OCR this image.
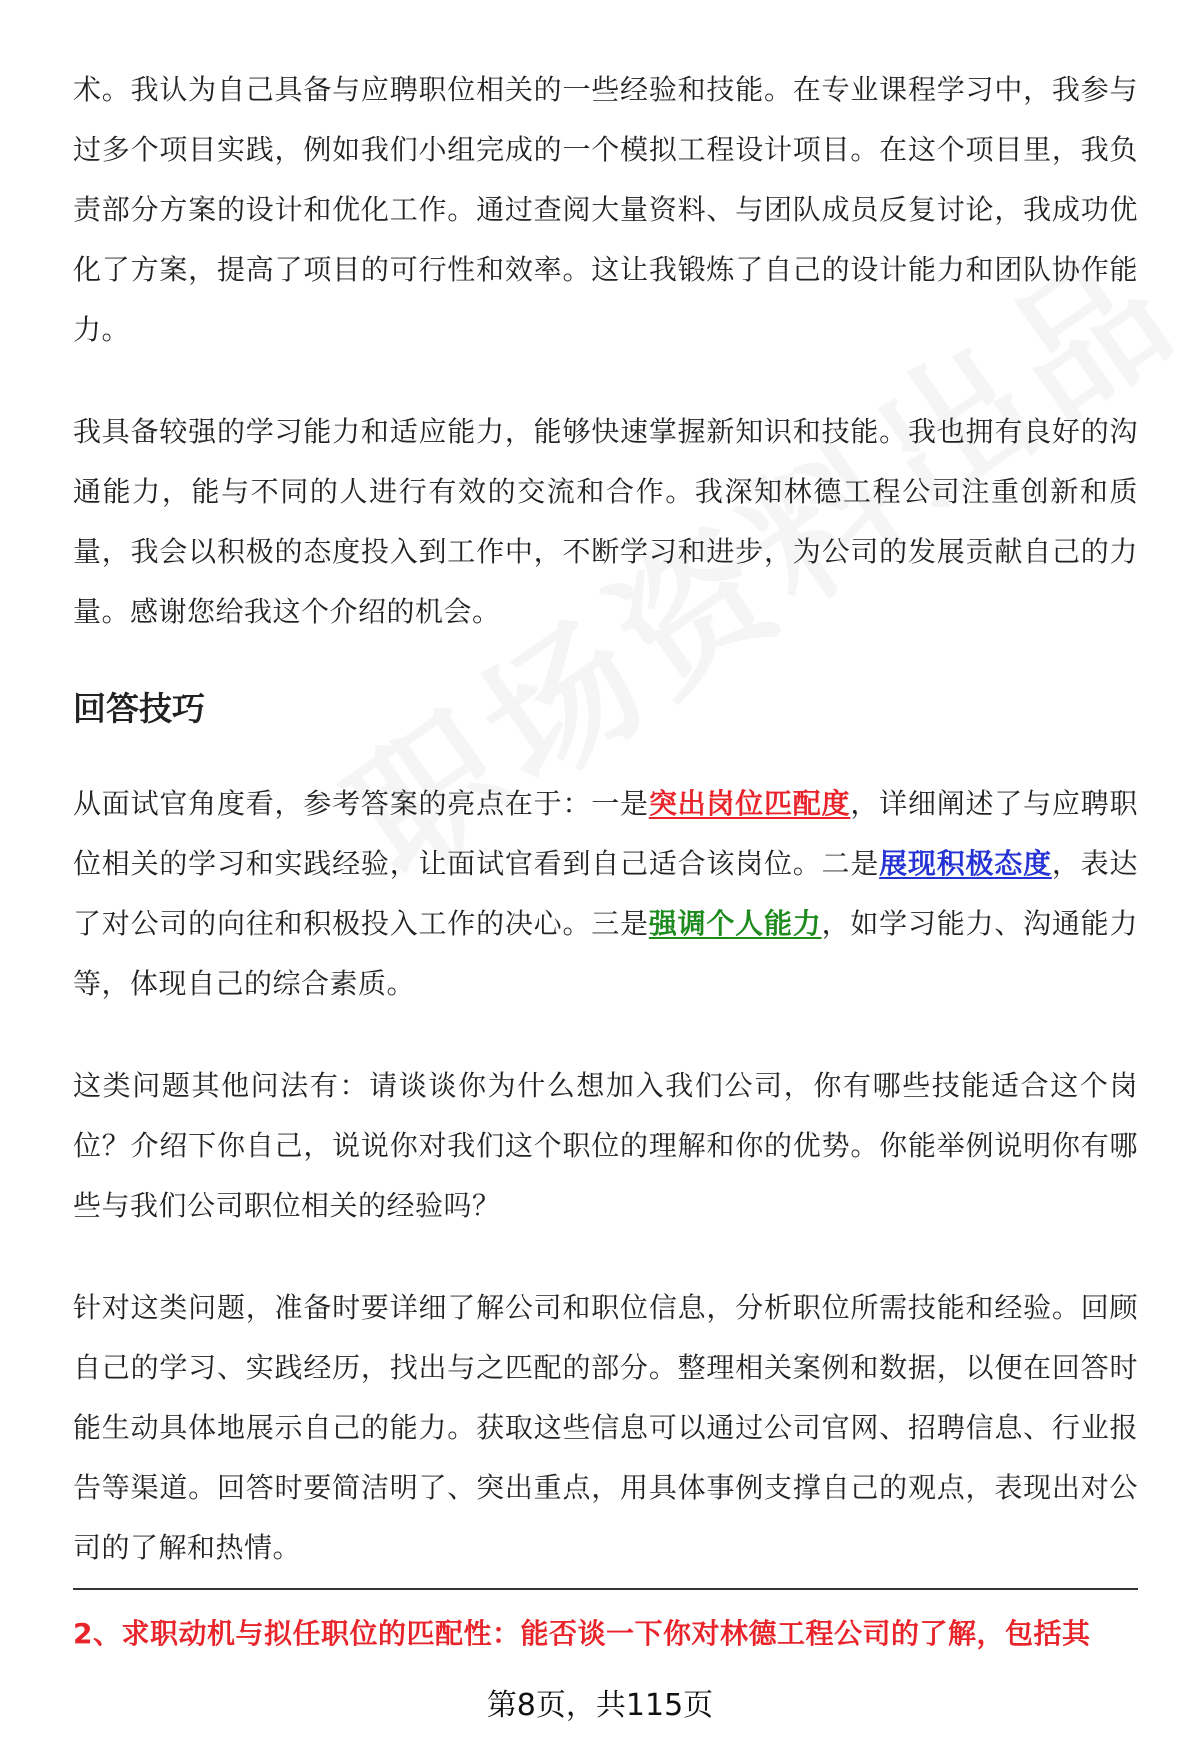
术。我认为自己具备与应聘职位相关的一些经验和技能。在专业课程学习中，我参与过多个项目实践，例如我们小组完成的一个模拟工程设计项目。在这个项目里，我负责部分方案的设计和优化工作。通过查阅大量资料、与团队成员反复讨论，我成功优化了方案，提高了项目的可行性和效率。这让我锻炼了自己的设计能力和团队协作能力。

我具备较强的学习能力和适应能力，能够快速掌握新知识和技能。我也拥有良好的沟通能力，能与不同的人进行有效的交流和合作。我深知林德工程公司注重创新和质量，我会以积极的态度投入到工作中，不断学习和进步，为公司的发展贡献自己的力量。感谢您给我这个介绍的机会。

回答技巧

从面试官角度看，参考答案的亮点在于：一是突出岗位匹配度，详细阐述了与应聘职位相关的学习和实践经验，让面试官看到自己适合该岗位。二是展现积极态度，表达了对公司的向往和积极投入工作的决心。三是强调个人能力，如学习能力、沟通能力等，体现自己的综合素质。

这类问题其他问法有：请谈谈你为什么想加入我们公司，你有哪些技能适合这个岗位？介绍下你自己，说说你对我们这个职位的理解和你的优势。你能举例说明你有哪些与我们公司职位相关的经验吗？

针对这类问题，准备时要详细了解公司和职位信息，分析职位所需技能和经验。回顾自己的学习、实践经历，找出与之匹配的部分。整理相关案例和数据，以便在回答时能生动具体地展示自己的能力。获取这些信息可以通过公司官网、招聘信息、行业报告等渠道。回答时要简洁明了、突出重点，用具体事例支撑自己的观点，表现出对公司的了解和热情。

2、求职动机与拟任职位的匹配性：能否谈一下你对林德工程公司的了解，包括其
第8页，共115页
